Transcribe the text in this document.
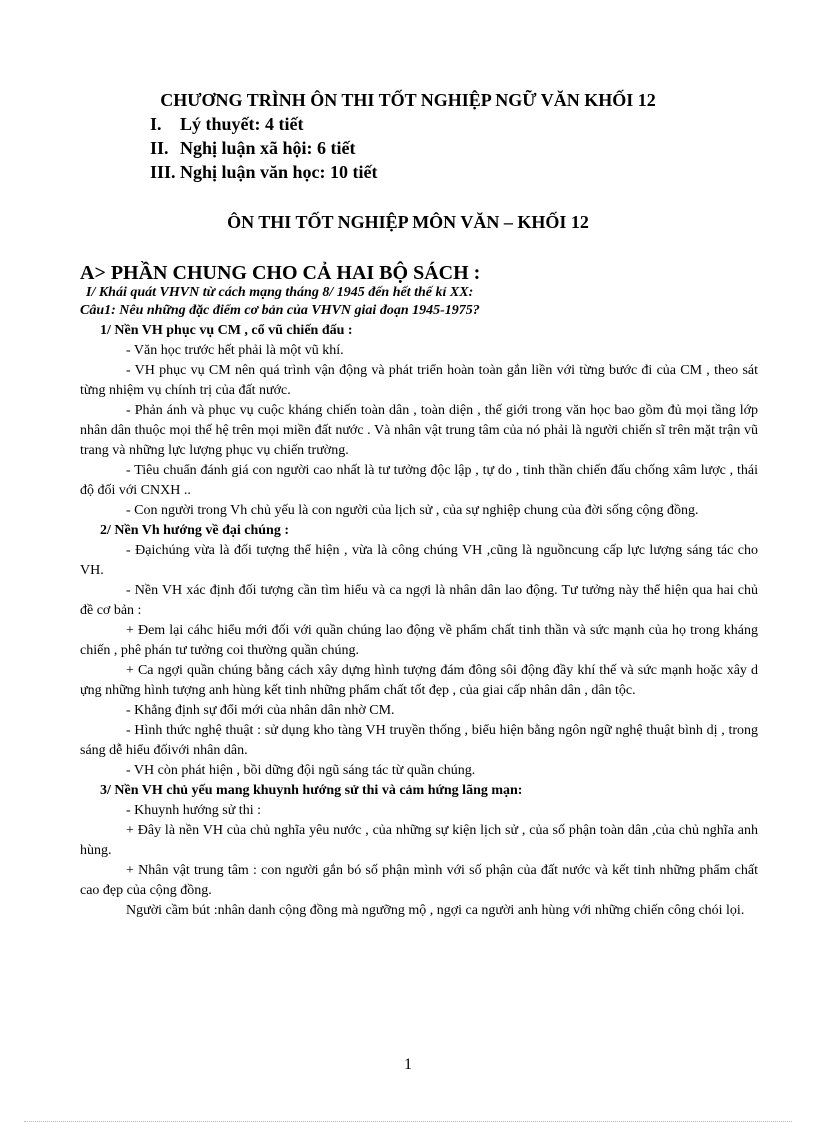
CHƯƠNG TRÌNH ÔN THI TỐT NGHIỆP NGỮ VĂN KHỐI 12
I. Lý thuyết: 4 tiết
II. Nghị luận xã hội: 6 tiết
III. Nghị luận văn học: 10 tiết
ÔN THI TỐT NGHIỆP MÔN VĂN – KHỐI 12
A> PHẦN CHUNG CHO CẢ HAI BỘ SÁCH :
I/ Khái quát VHVN từ cách mạng tháng 8/ 1945 đến hết thế kỉ XX:
Câu1: Nêu những đặc điểm cơ bản của VHVN giai đoạn 1945-1975?

1/ Nền VH phục vụ CM , cổ vũ chiến đấu :

- Văn học trước hết phải là một vũ khí.

- VH phục vụ CM nên quá trình vận động và phát triển hoàn toàn gắn liền với từng bước đi của CM , theo sát từng nhiệm vụ chính trị của đất nước.

- Phản ánh và phục vụ cuộc kháng chiến toàn dân , toàn diện , thế giới trong văn học bao gồm đủ mọi tầng lớp nhân dân thuộc mọi thế hệ trên mọi miền đất nước . Và nhân vật trung tâm của nó phải là người chiến sĩ trên mặt trận vũ trang và những lực lượng phục vụ chiến trường.

- Tiêu chuẩn đánh giá con người cao nhất là tư tưởng độc lập , tự do , tinh thần chiến đấu chống xâm lược , thái độ đối với CNXH ..

- Con người trong Vh chủ yếu là con người của lịch sử , của sự nghiệp chung của đời sống cộng đồng.

2/ Nền Vh hướng về đại chúng :

- Đạichúng vừa là đối tượng thể hiện , vừa là công chúng VH ,cũng là nguồncung cấp lực lượng sáng tác cho VH.

- Nền VH xác định đối tượng cần tìm hiểu và ca ngợi là nhân dân lao động. Tư tưởng này thể hiện qua hai chủ đề cơ bản :

+ Đem lại cáhc hiểu mới đối với quần chúng lao động về phẩm chất tinh thần và sức mạnh của họ trong kháng chiến , phê phán tư tưởng coi thường quần chúng.

+ Ca ngợi quần chúng bằng cách xây dựng hình tượng đám đông sôi động đầy khí thế và sức mạnh hoặc xây d ựng những hình tượng anh hùng kết tinh những phẩm chất tốt đẹp , của giai cấp nhân dân , dân tộc.

- Khẳng định sự đổi mới của nhân dân nhờ CM.

- Hình thức nghệ thuật : sử dụng kho tàng VH truyền thống , biểu hiện bằng ngôn ngữ nghệ thuật bình dị , trong sáng dễ hiểu đốivới nhân dân.

- VH còn phát hiện , bồi dững đội ngũ sáng tác từ quần chúng.

3/ Nền VH chủ yếu mang khuynh hướng sử thi và cảm hứng lãng mạn:

- Khuynh hướng sử thi :

+ Đây là nền VH của chủ nghĩa yêu nước , của những sự kiện lịch sử , của số phận toàn dân ,của chủ nghĩa anh hùng.

+ Nhân vật trung tâm : con người gắn bó số phận mình với số phận của đất nước và kết tinh những phẩm chất cao đẹp của cộng đồng.

Người cầm bút :nhân danh cộng đồng mà ngưỡng mộ , ngợi ca người anh hùng với những chiến công chói lọi.

1
